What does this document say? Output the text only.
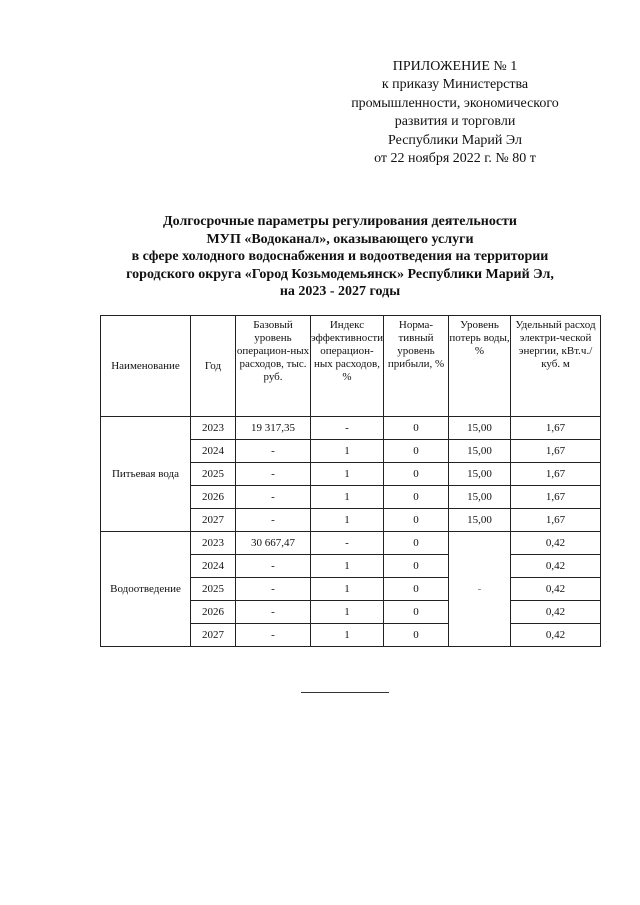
ПРИЛОЖЕНИЕ № 1
к приказу Министерства
промышленности, экономического
развития и торговли
Республики Марий Эл
от 22 ноября 2022 г. № 80 т
Долгосрочные параметры регулирования деятельности
МУП «Водоканал», оказывающего услуги
в сфере холодного водоснабжения и водоотведения на территории
городского округа «Город Козьмодемьянск» Республики Марий Эл,
на 2023 - 2027 годы
Наименование	Год	Базовый уровень операцион-ных расходов, тыс. руб.	Индекс эффективности операцион-ных расходов, %	Норма-тивный уровень прибыли, %	Уровень потерь воды, %	Удельный расход электри-ческой энергии, кВт.ч./куб. м
Питьевая вода	2023	19 317,35	-	0	15,00	1,67
	2024	-	1	0	15,00	1,67
	2025	-	1	0	15,00	1,67
	2026	-	1	0	15,00	1,67
	2027	-	1	0	15,00	1,67
Водоотведение	2023	30 667,47	-	0	-	0,42
	2024	-	1	0		0,42
	2025	-	1	0		0,42
	2026	-	1	0		0,42
	2027	-	1	0		0,42
